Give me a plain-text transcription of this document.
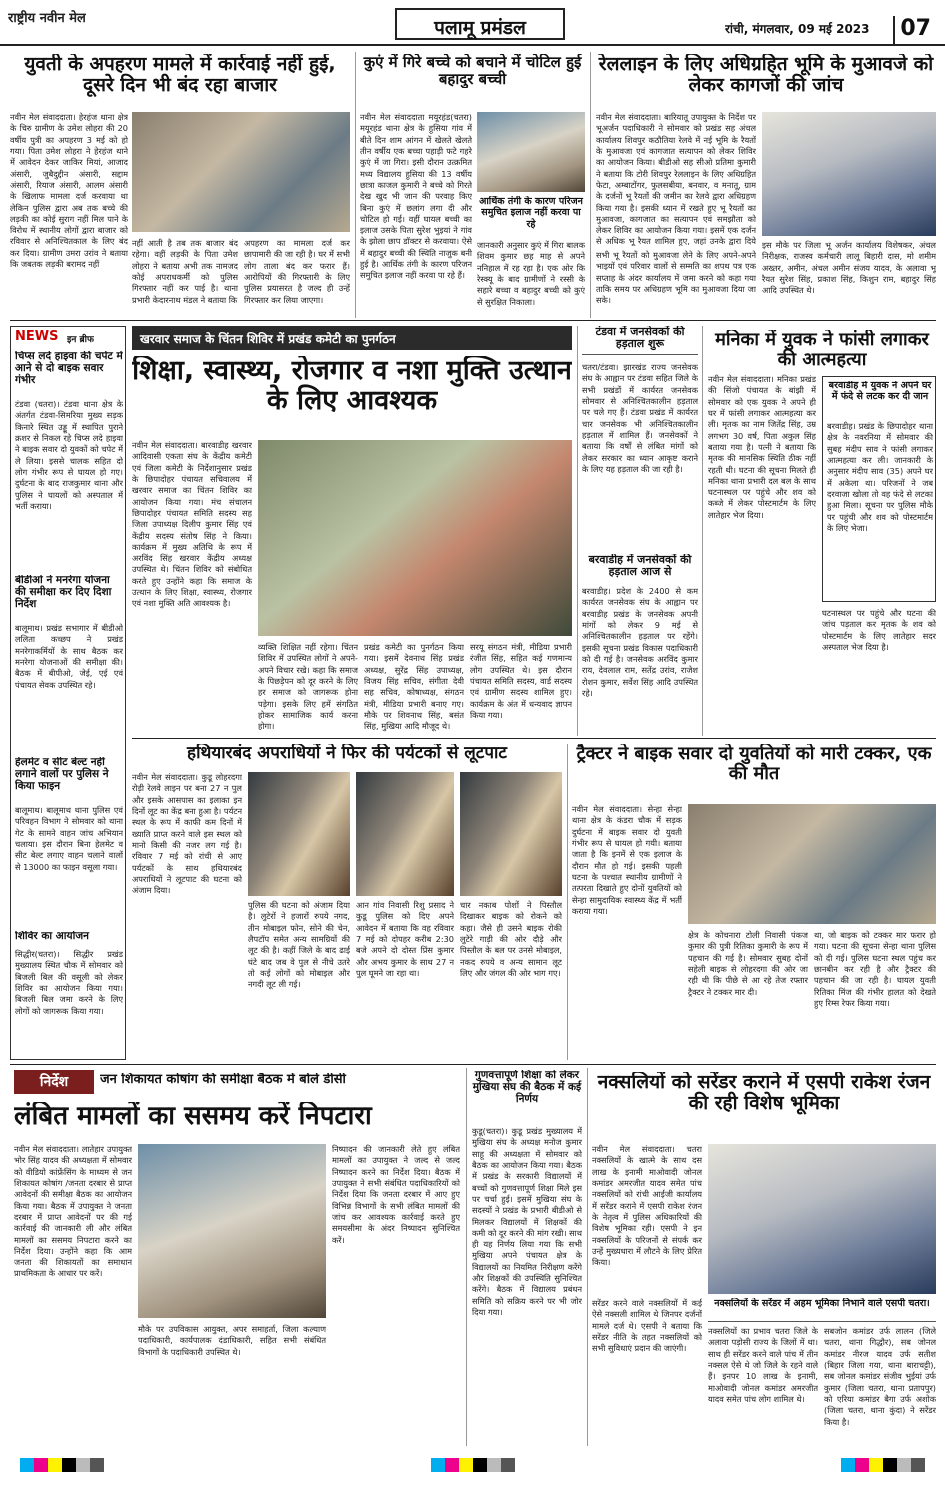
राष्ट्रीय नवीन मेल	पलामू प्रमंडल	रांची, मंगलवार, 09 मई 2023	07
युवती के अपहरण मामले में कार्रवाई नहीं हुई, दूसरे दिन भी बंद रहा बाजार
नवीन मेल संवाददाता। हेरहंज थाना क्षेत्र के चिरु ग्रामीण के उमेश लोहरा की 20 वर्षीय पुत्री का अपहरण 3 मई को हो गया। पिता उमेश लोहरा ने हेरहंज थाने में आवेदन देकर जाकिर मियां, आजाद अंसारी, जुबैदुद्दीन अंसारी, सद्दाम अंसारी, रियाज अंसारी, आलम अंसारी के खिलाफ मामला दर्ज करवाया था लेकिन पुलिस द्वारा अब तक बच्चे की लड़की का कोई सुराग नहीं मिल पाने के विरोध में स्थानीय लोगों द्वारा बाजार को रविवार से अनिश्चितकाल के लिए बंद कर दिया। ग्रामीण उमरा उरांव ने बताया कि जबतक लड़की बरामद नहीं
नहीं आती है तब तक बाजार बंद रहेगा। वहीं लड़की के पिता उमेश लोहरा ने बताया अभी तक नामजद कोई अपराधकर्मी को पुलिस गिरफ्तार नहीं कर पाई है। थाना प्रभारी केदारनाथ मंडल ने बताया कि
अपहरण का मामला दर्ज कर छापामारी की जा रही है। घर में सभी लोग ताला बंद कर फरार हैं। आरोपियों की गिरफ्तारी के लिए पुलिस प्रयासरत है जल्द ही उन्हें गिरफ्तार कर लिया जाएगा।
कुएं में गिरे बच्चे को बचाने में चोटिल हुई बहादुर बच्ची
नवीन मेल संवाददाता मयूरहंड(चतरा) मयूरहंड थाना क्षेत्र के हुसिया गांव में बीते दिन शाम आंगन में खेलते खेलते तीन वर्षीय एक बच्चा पहाड़ी फटे गहरे कुएं में जा गिरा। इसी दौरान उत्क्रमित मध्य विद्यालय हुसिया की 13 वर्षीय छात्रा काजल कुमारी ने बच्चे को गिरते देख खुद भी जान की परवाह किए बिना कुएं में छलांग लगा दी और चोटिल हो गई। वहीं घायल बच्ची का इलाज उसके पिता सुरेश भुइयां ने गांव के झोला छाप डॉक्टर से करवाया। ऐसे में बहादुर बच्ची की स्थिति नाजुक बनी हुई है। आर्थिक तंगी के कारण परिजन समुचित इलाज नहीं करवा पा रहे हैं।
आर्थिक तंगी के कारण परिजन समुचित इलाज नहीं करवा पा रहे
जानकारी अनुसार कुएं में गिरा बालक शिवम कुमार छह माह से अपने ननिहाल में रह रहा है। एक ओर कि रेस्क्यू के बाद ग्रामीणों ने रस्सी के सहारे बच्चा व बहादुर बच्ची को कुएं से सुरक्षित निकाला।
रेललाइन के लिए अधिग्रहित भूमि के मुआवजे को लेकर कागजों की जांच
नवीन मेल संवाददाता। बारियातू उपायुक्त के निर्देश पर भूअर्जन पदाधिकारी ने सोमवार को प्रखंड सह अंचल कार्यालय शिवपुर कठौतिया रेलवे में नई भूमि के रैयतों के मुआवजा एवं कागजात सत्यापन को लेकर शिविर का आयोजन किया। बीडीओ सह सीओ प्रतिमा कुमारी ने बताया कि टोरी शिवपुर रेललाइन के लिए अधिग्रहित फेटा, अम्बाटोंगर, फुलसबीया, बनवार, व मनातू, ग्राम के दर्जनों भू रैयतों की जमीन का रेलवे द्वारा अधिग्रहण किया गया है। इसकी ध्यान में रखते हुए भू रैयतों का मुआवजा, कागजात का सत्यापन एवं समझौता को लेकर शिविर का आयोजन किया गया। इसमें एक दर्जन से अधिक भू रैयत शामिल हुए, जहां उनके द्वारा दिये
सभी भू रैयतों को मुआवजा लेने के लिए अपने-अपने भाइयों एवं परिवार वालों से सम्मति का शपथ पत्र एक सप्ताह के अंदर कार्यालय में जमा करने को कहा गया ताकि समय पर अधिग्रहण भूमि का मुआवजा दिया जा सके।
इस मौके पर जिला भू अर्जन कार्यालय विशेषकर, अंचल निरीक्षक, राजस्व कर्मचारी लालू बिहारी दास, मो शमीम अख्तर, अमीन, अंचल अमीन संजय यादव, के अलावा भू रैयत सुरेश सिंह, प्रकाश सिंह, किशुन राम, बहादुर सिंह आदि उपस्थित थे।
NEWS इन ब्रीफ
चिप्स लदे हाइवा की चपेट में आने से दो बाइक सवार गंभीर
टंडवा (चतरा)। टंडवा थाना क्षेत्र के अंतर्गत टंडवा-सिमरिया मुख्य सड़क किनारे स्थित उड्डू में स्थापित पुराने क्रशर से निकल रहे चिप्स लदे हाइवा ने बाइक सवार दो युवकों को चपेट में ले लिया। इससे चालक सहित दो लोग गंभीर रूप से घायल हो गए। दुर्घटना के बाद राजकुमार थाना और पुलिस ने घायलों को अस्पताल में भर्ती कराया।
बीडीओ ने मनरेगा योजना की समीक्षा कर दिए दिशा निर्देश
बालूमाथ। प्रखंड सभागार में बीडीओ ललिता कच्छप ने प्रखंड मनरेगाकर्मियों के साथ बैठक कर मनरेगा योजनाओं की समीक्षा की। बैठक में बीपीओ, जेई, एई एवं पंचायत सेवक उपस्थित रहे।
हेलमेट व सीट बेल्ट नहीं लगाने वालों पर पुलिस ने किया फाइन
बालूमाथ। बालूमाथ थाना पुलिस एवं परिवहन विभाग ने सोमवार को थाना गेट के सामने वाहन जांच अभियान चलाया। इस दौरान बिना हेलमेट व सीट बेल्ट लगाए वाहन चलाने वालों से 13000 का फाइन वसूला गया।
शिविर का आयोजन
सिद्धीर(चतरा)। सिद्धीर प्रखंड मुख्यालय स्थित चौक में सोमवार को बिजली बिल की वसूली को लेकर शिविर का आयोजन किया गया। बिजली बिल जमा करने के लिए लोगों को जागरूक किया गया।
खरवार समाज के चिंतन शिविर में प्रखंड कमेटी का पुनर्गठन
शिक्षा, स्वास्थ्य, रोजगार व नशा मुक्ति उत्थान के लिए आवश्यक
नवीन मेल संवाददाता। बारवाडीह खरवार आदिवासी एकता संघ के केंद्रीय कमेटी एवं जिला कमेटी के निर्देशानुसार प्रखंड के छिपादोहर पंचायत सचिवालय में खरवार समाज का चिंतन शिविर का आयोजन किया गया। मंच संचालन छिपादोहर पंचायत समिति सदस्य सह जिला उपाध्यक्ष दिलीप कुमार सिंह एवं केंद्रीय सदस्य संतोष सिंह ने किया। कार्यक्रम में मुख्य अतिथि के रूप में अरविंद सिंह खरवार केंद्रीय अध्यक्ष उपस्थित थे। चिंतन शिविर को संबोधित करते हुए उन्होंने कहा कि समाज के उत्थान के लिए शिक्षा, स्वास्थ्य, रोजगार एवं नशा मुक्ति अति आवश्यक है।
व्यक्ति शिक्षित नहीं रहेगा। चिंतन शिविर में उपस्थित लोगों ने अपने-अपने विचार रखे। कहा कि समाज के पिछड़ेपन को दूर करने के लिए हर समाज को जागरूक होना पड़ेगा। इसके लिए हमें संगठित होकर सामाजिक कार्य करना होगा।
प्रखंड कमेटी का पुनर्गठन किया गया। इसमें देवनाथ सिंह प्रखंड अध्यक्ष, सुरेंद्र सिंह उपाध्यक्ष, विजय सिंह सचिव, संगीता देवी सह सचिव, कोषाध्यक्ष, संगठन मंत्री, मीडिया प्रभारी बनाए गए। मौके पर शिवनाथ सिंह, बसंत सिंह, मुखिया आदि मौजूद थे।
सरयू संगठन मंत्री, मीडिया प्रभारी रंजीत सिंह, सहित कई गणमान्य लोग उपस्थित थे। इस दौरान पंचायत समिति सदस्य, वार्ड सदस्य एवं ग्रामीण सदस्य शामिल हुए। कार्यक्रम के अंत में धन्यवाद ज्ञापन किया गया।
टंडवा में जनसेवकों की हड़ताल शुरू
चतरा/टंडवा। झारखंड राज्य जनसेवक संघ के आह्वान पर टंडवा सहित जिले के सभी प्रखंडों में कार्यरत जनसेवक सोमवार से अनिश्चितकालीन हड़ताल पर चले गए हैं। टंडवा प्रखंड में कार्यरत चार जनसेवक भी अनिश्चितकालीन हड़ताल में शामिल हैं। जनसेवकों ने बताया कि वर्षों से लंबित मांगों को लेकर सरकार का ध्यान आकृष्ट कराने के लिए यह हड़ताल की जा रही है।
बरवाडीह में जनसेवकों की हड़ताल आज से
बरवाडीह। प्रदेश के 2400 से कम कार्यरत जनसेवक संघ के आह्वान पर बरवाडीह प्रखंड के जनसेवक अपनी मांगों को लेकर 9 मई से अनिश्चितकालीन हड़ताल पर रहेंगे। इसकी सूचना प्रखंड विकास पदाधिकारी को दी गई है। जनसेवक अरविंद कुमार राय, देवलाल राम, सतेंद्र उरांव, राजेश रोशन कुमार, सर्वेश सिंह आदि उपस्थित रहे।
मनिका में युवक ने फांसी लगाकर की आत्महत्या
नवीन मेल संवाददाता। मनिका प्रखंड की सिंजो पंचायत के बांझी में सोमवार को एक युवक ने अपने ही घर में फांसी लगाकर आत्महत्या कर ली। मृतक का नाम जितेंद्र सिंह, उम्र लगभग 30 वर्ष, पिता अकुल सिंह बताया गया है। पत्नी ने बताया कि मृतक की मानसिक स्थिति ठीक नहीं रहती थी। घटना की सूचना मिलते ही मनिका थाना प्रभारी दल बल के साथ घटनास्थल पर पहुंचे और शव को कब्जे में लेकर पोस्टमार्टम के लिए लातेहार भेज दिया।
बरवाडीह में युवक ने अपने घर में फंदे से लटक कर दी जान
बरवाडीह। प्रखंड के छिपादोहर थाना क्षेत्र के नवरनिया में सोमवार की सुबह मंदीप साव ने फांसी लगाकर आत्महत्या कर ली। जानकारी के अनुसार मंदीप साव (35) अपने घर में अकेला था। परिजनों ने जब दरवाजा खोला तो वह फंदे से लटका हुआ मिला। सूचना पर पुलिस मौके पर पहुंची और शव को पोस्टमार्टम के लिए भेजा।
घटनास्थल पर पहुंचे और घटना की जांच पड़ताल कर मृतक के शव को पोस्टमार्टम के लिए लातेहार सदर अस्पताल भेज दिया है।
हथियारबंद अपराधियों ने फिर की पर्यटकों से लूटपाट
नवीन मेल संवाददाता। कुडू लोहरदगा रोड़ी रेलवे लाइन पर बना 27 न पुल और इसके आसपास का इलाका इन दिनों लूट का केंद्र बना हुआ है। पर्यटन स्थल के रूप में काफी कम दिनों में ख्याति प्राप्त करने वाले इस स्थल को मानो किसी की नजर लग गई है। रविवार 7 मई को रांची से आए पर्यटकों के साथ हथियारबंद अपराधियों ने लूटपाट की घटना को अंजाम दिया।
पुलिस की घटना को अंजाम दिया है। लुटेरों ने हजारों रुपये नगद, तीन मोबाइल फोन, सोने की चेन, लैपटॉप समेत अन्य सामग्रियों की लूट की है। कहीं जिले के बाद ढाई घंटे बाद जब वे पुल से नीचे उतरे तो कई लोगों को मोबाइल और नगदी लूट ली गई।
आन गांव निवासी रिशु प्रसाद ने कुडू पुलिस को दिए अपने आवेदन में बताया कि वह रविवार 7 मई को दोपहर करीब 2:30 बजे अपने दो दोस्त प्रिंस कुमार और अभय कुमार के साथ 27 न पुल घूमने जा रहा था।
चार नकाब पोशों ने पिस्तौल दिखाकर बाइक को रोकने को कहा। जैसे ही उसने बाइक रोकी लुटेरे गाड़ी की ओर दौड़े और पिस्तौल के बल पर उनसे मोबाइल, नकद रुपये व अन्य सामान लूट लिए और जंगल की ओर भाग गए।
ट्रैक्टर ने बाइक सवार दो युवतियों को मारी टक्कर, एक की मौत
नवीन मेल संवाददाता। सेन्हा सेन्हा थाना क्षेत्र के कंडरा चौक में सड़क दुर्घटना में बाइक सवार दो युवती गंभीर रूप से घायल हो गयी। बताया जाता है कि इनमें से एक इलाज के दौरान मौत हो गई। इसकी पहली घटना के पश्चात स्थानीय ग्रामीणों ने तत्परता दिखाते हुए दोनों युवतियों को सेन्हा सामुदायिक स्वास्थ्य केंद्र में भर्ती कराया गया।
क्षेत्र के कोचनारा टोली निवासी पंकज कुमार की पुत्री रितिका कुमारी के रूप में पहचान की गई है। सोमवार सुबह दोनों सहेली बाइक से लोहरदगा की ओर जा रही थी कि पीछे से आ रहे तेज रफ्तार ट्रैक्टर ने टक्कर मार दी।
था, जो बाइक को टक्कर मार फरार हो गया। घटना की सूचना सेन्हा थाना पुलिस को दी गई। पुलिस घटना स्थल पहुंच कर छानबीन कर रही है और ट्रैक्टर की पहचान की जा रही है। घायल युवती रितिका मिंज की गंभीर हालत को देखते हुए रिम्स रेफर किया गया।
निर्देश	जन शिकायत कोषांग की समीक्षा बैठक में बोले डीसी
लंबित मामलों का ससमय करें निपटारा
नवीन मेल संवाददाता। लातेहार उपायुक्त भोर सिंह यादव की अध्यक्षता में सोमवार को वीडियो कांफ्रेंसिंग के माध्यम से जन शिकायत कोषांग /जनता दरबार से प्राप्त आवेदनों की समीक्षा बैठक का आयोजन किया गया। बैठक में उपायुक्त ने जनता दरबार में प्राप्त आवेदनों पर की गई कार्रवाई की जानकारी ली और लंबित मामलों का ससमय निपटारा करने का निर्देश दिया। उन्होंने कहा कि आम जनता की शिकायतों का समाधान प्राथमिकता के आधार पर करें।
निष्पादन की जानकारी लेते हुए लंबित मामलों का उपायुक्त ने जल्द से जल्द निष्पादन करने का निर्देश दिया। बैठक में उपायुक्त ने सभी संबंधित पदाधिकारियों को निर्देश दिया कि जनता दरबार में आए हुए विभिन्न विभागों के सभी लंबित मामलों की जांच कर आवश्यक कार्रवाई करते हुए समयसीमा के अंदर निष्पादन सुनिश्चित करें।
मौके पर उपविकास आयुक्त, अपर समाहर्ता, जिला कल्याण पदाधिकारी, कार्यपालक दंडाधिकारी, सहित सभी संबंधित विभागों के पदाधिकारी उपस्थित थे।
गुणवत्तापूर्ण शिक्षा को लेकर मुखिया संघ की बैठक में कई निर्णय
कुडू(चतरा)। कुडू प्रखंड मुख्यालय में मुखिया संघ के अध्यक्ष मनोज कुमार साहू की अध्यक्षता में सोमवार को बैठक का आयोजन किया गया। बैठक में प्रखंड के सरकारी विद्यालयों में बच्चों को गुणवत्तापूर्ण शिक्षा मिले इस पर चर्चा हुई। इसमें मुखिया संघ के सदस्यों ने प्रखंड के प्रभारी बीडीओ से मिलकर विद्यालयों में शिक्षकों की कमी को दूर करने की मांग रखी। साथ ही यह निर्णय लिया गया कि सभी मुखिया अपने पंचायत क्षेत्र के विद्यालयों का नियमित निरीक्षण करेंगे और शिक्षकों की उपस्थिति सुनिश्चित करेंगे। बैठक में विद्यालय प्रबंधन समिति को सक्रिय करने पर भी जोर दिया गया।
नक्सलियों को सरेंडर कराने में एसपी राकेश रंजन की रही विशेष भूमिका
नवीन मेल संवाददाता। चतरा नक्सलियों के खात्मे के साथ दस लाख के इनामी माओवादी जोनल कमांडर अमरजीत यादव समेत पांच नक्सलियों को रांची आईजी कार्यालय में सरेंडर कराने में एसपी राकेश रंजन के नेतृत्व में पुलिस अधिकारियों की विशेष भूमिका रही। एसपी ने इन नक्सलियों के परिजनों से संपर्क कर उन्हें मुख्यधारा में लौटने के लिए प्रेरित किया।
नक्सलियों के सरेंडर में अहम भूमिका निभाने वाले एसपी चतरा।
सरेंडर करने वाले नक्सलियों में कई ऐसे नक्सली शामिल थे जिनपर दर्जनों मामले दर्ज थे। एसपी ने बताया कि सरेंडर नीति के तहत नक्सलियों को सभी सुविधाएं प्रदान की जाएंगी।
नक्सलियों का प्रभाव चतरा जिले के अलावा पड़ोसी राज्य के जिलों में था। साथ ही सरेंडर करने वाले पांच में तीन नक्सल ऐसे थे जो जिले के रहने वाले हैं। इनपर 10 लाख के इनामी, माओवादी जोनल कमांडर अमरजीत यादव समेत पांच लोग शामिल थे।
सबजोन कमांडर उर्फ लालन (जिले चतरा, थाना गिद्धौर), सब जोनल कमांडर नीरज यादव उर्फ सतीश (बिहार जिला गया, थाना बाराचट्टी), सब जोनल कमांडर संजीव भुईयां उर्फ कुमार (जिला चतरा, थाना प्रतापपुर) को एरिया कमांडर बैगा उर्फ अशोक (जिला चतरा, थाना कुंदा) ने सरेंडर किया है।
